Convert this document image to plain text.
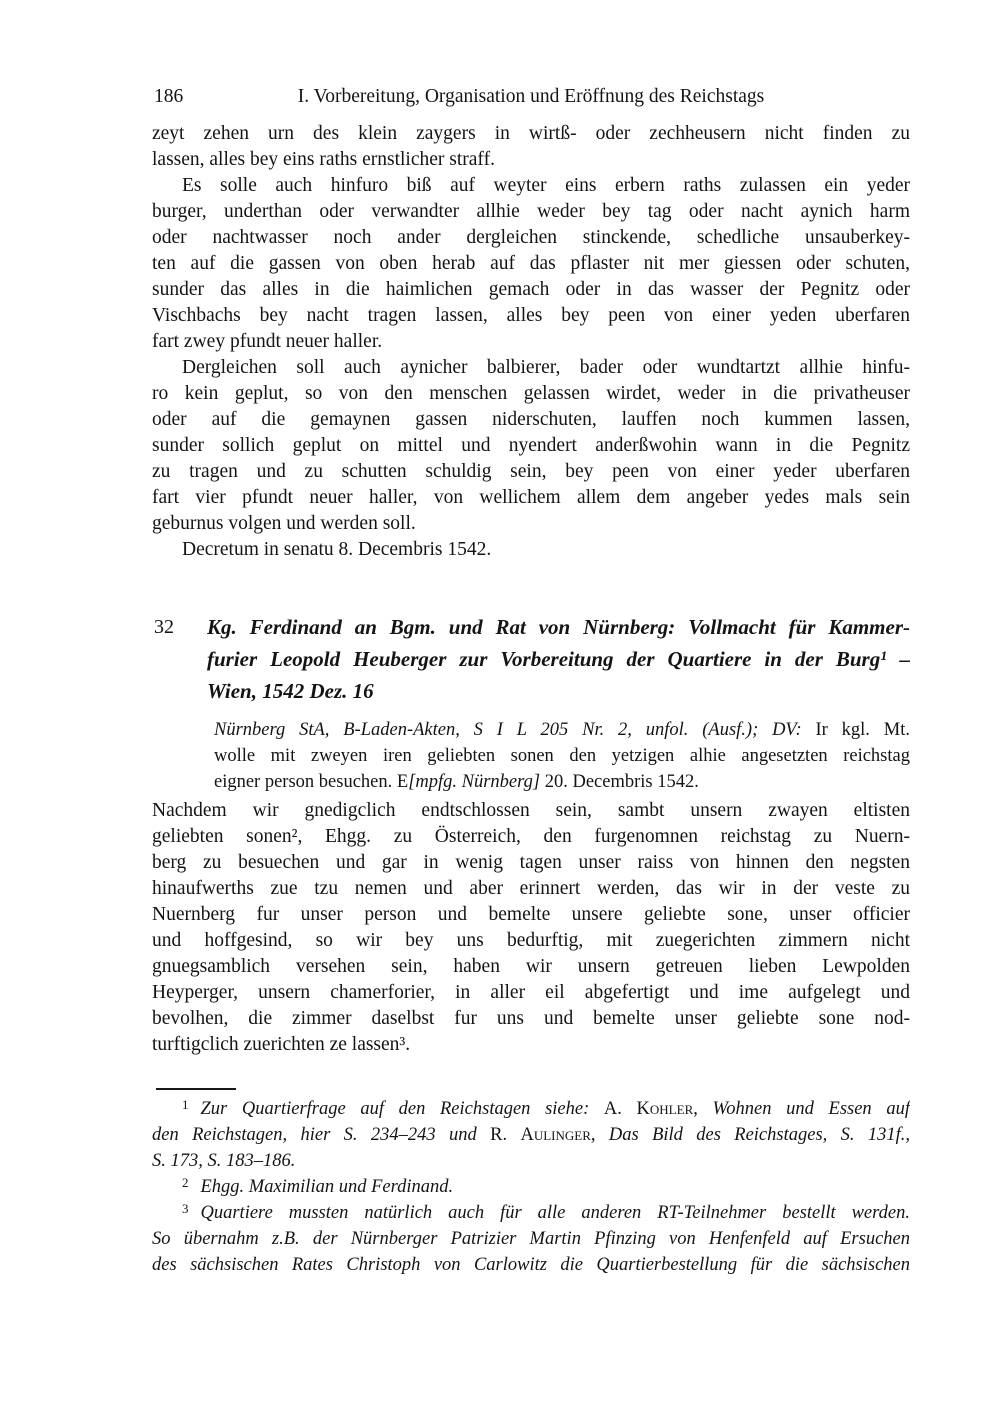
186	I. Vorbereitung, Organisation und Eröffnung des Reichstags
zeyt zehen urn des klein zaygers in wirtß- oder zechheusern nicht finden zu
lassen, alles bey eins raths ernstlicher straff.
Es solle auch hinfuro biß auf weyter eins erbern raths zulassen ein yeder
burger, underthan oder verwandter allhie weder bey tag oder nacht aynich harm
oder nachtwasser noch ander dergleichen stinckende, schedliche unsauberkey-
ten auf die gassen von oben herab auf das pflaster nit mer giessen oder schuten,
sunder das alles in die haimlichen gemach oder in das wasser der Pegnitz oder
Vischbachs bey nacht tragen lassen, alles bey peen von einer yeden uberfaren
fart zwey pfundt neuer haller.
Dergleichen soll auch aynicher balbierer, bader oder wundtartzt allhie hinfu-
ro kein geplut, so von den menschen gelassen wirdet, weder in die privatheuser
oder auf die gemaynen gassen niderschuten, lauffen noch kummen lassen,
sunder sollich geplut on mittel und nyendert anderßwohin wann in die Pegnitz
zu tragen und zu schutten schuldig sein, bey peen von einer yeder uberfaren
fart vier pfundt neuer haller, von wellichem allem dem angeber yedes mals sein
geburnus volgen und werden soll.
Decretum in senatu 8. Decembris 1542.
32 Kg. Ferdinand an Bgm. und Rat von Nürnberg: Vollmacht für Kammer-
furier Leopold Heuberger zur Vorbereitung der Quartiere in der Burg¹ –
Wien, 1542 Dez. 16
Nürnberg StA, B-Laden-Akten, S I L 205 Nr. 2, unfol. (Ausf.); DV: Ir kgl. Mt.
wolle mit zweyen iren geliebten sonen den yetzigen alhie angesetzten reichstag
eigner person besuchen. E[mpfg. Nürnberg] 20. Decembris 1542.
Nachdem wir gnedigclich endtschlossen sein, sambt unsern zwayen eltisten
geliebten sonen², Ehgg. zu Österreich, den furgenomnen reichstag zu Nuern-
berg zu besuechen und gar in wenig tagen unser raiss von hinnen den negsten
hinaufwerths zue tzu nemen und aber erinnert werden, das wir in der veste zu
Nuernberg fur unser person und bemelte unsere geliebte sone, unser officier
und hoffgesind, so wir bey uns bedurftig, mit zuegerichten zimmern nicht
gnuegsamblich versehen sein, haben wir unsern getreuen lieben Lewpolden
Heyperger, unsern chamerforier, in aller eil abgefertigt und ime aufgelegt und
bevolhen, die zimmer daselbst fur uns und bemelte unser geliebte sone nod-
turftigclich zuerichten ze lassen³.
1 Zur Quartierfrage auf den Reichstagen siehe: A. Kohler, Wohnen und Essen auf
den Reichstagen, hier S. 234–243 und R. Aulinger, Das Bild des Reichstages, S. 131f.,
S. 173, S. 183–186.
2 Ehgg. Maximilian und Ferdinand.
3 Quartiere mussten natürlich auch für alle anderen RT-Teilnehmer bestellt werden.
So übernahm z.B. der Nürnberger Patrizier Martin Pfinzing von Henfenfeld auf Ersuchen
des sächsischen Rates Christoph von Carlowitz die Quartierbestellung für die sächsischen
